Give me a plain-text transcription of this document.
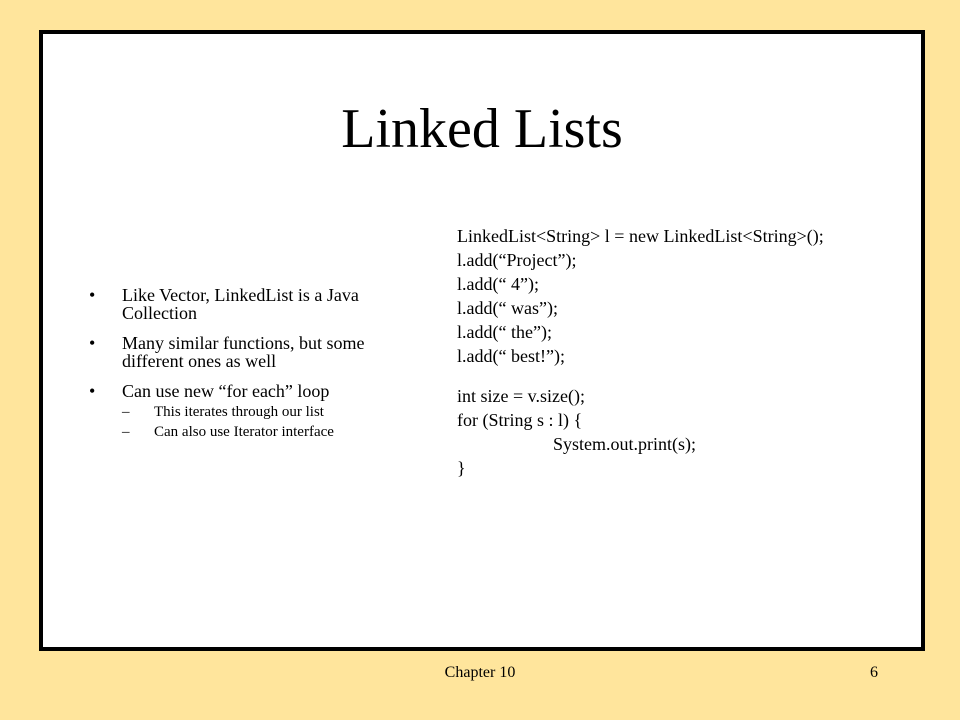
Linked Lists
• Like Vector, LinkedList is a Java Collection
• Many similar functions, but some different ones as well
• Can use new “for each” loop
– This iterates through our list
– Can also use Iterator interface
LinkedList<String> l = new LinkedList<String>();
l.add(“Project”);
l.add(“ 4”);
l.add(“ was”);
l.add(“ the”);
l.add(“ best!”);
int size = v.size();
for (String s : l) {
System.out.print(s);
}
Chapter 10	6
